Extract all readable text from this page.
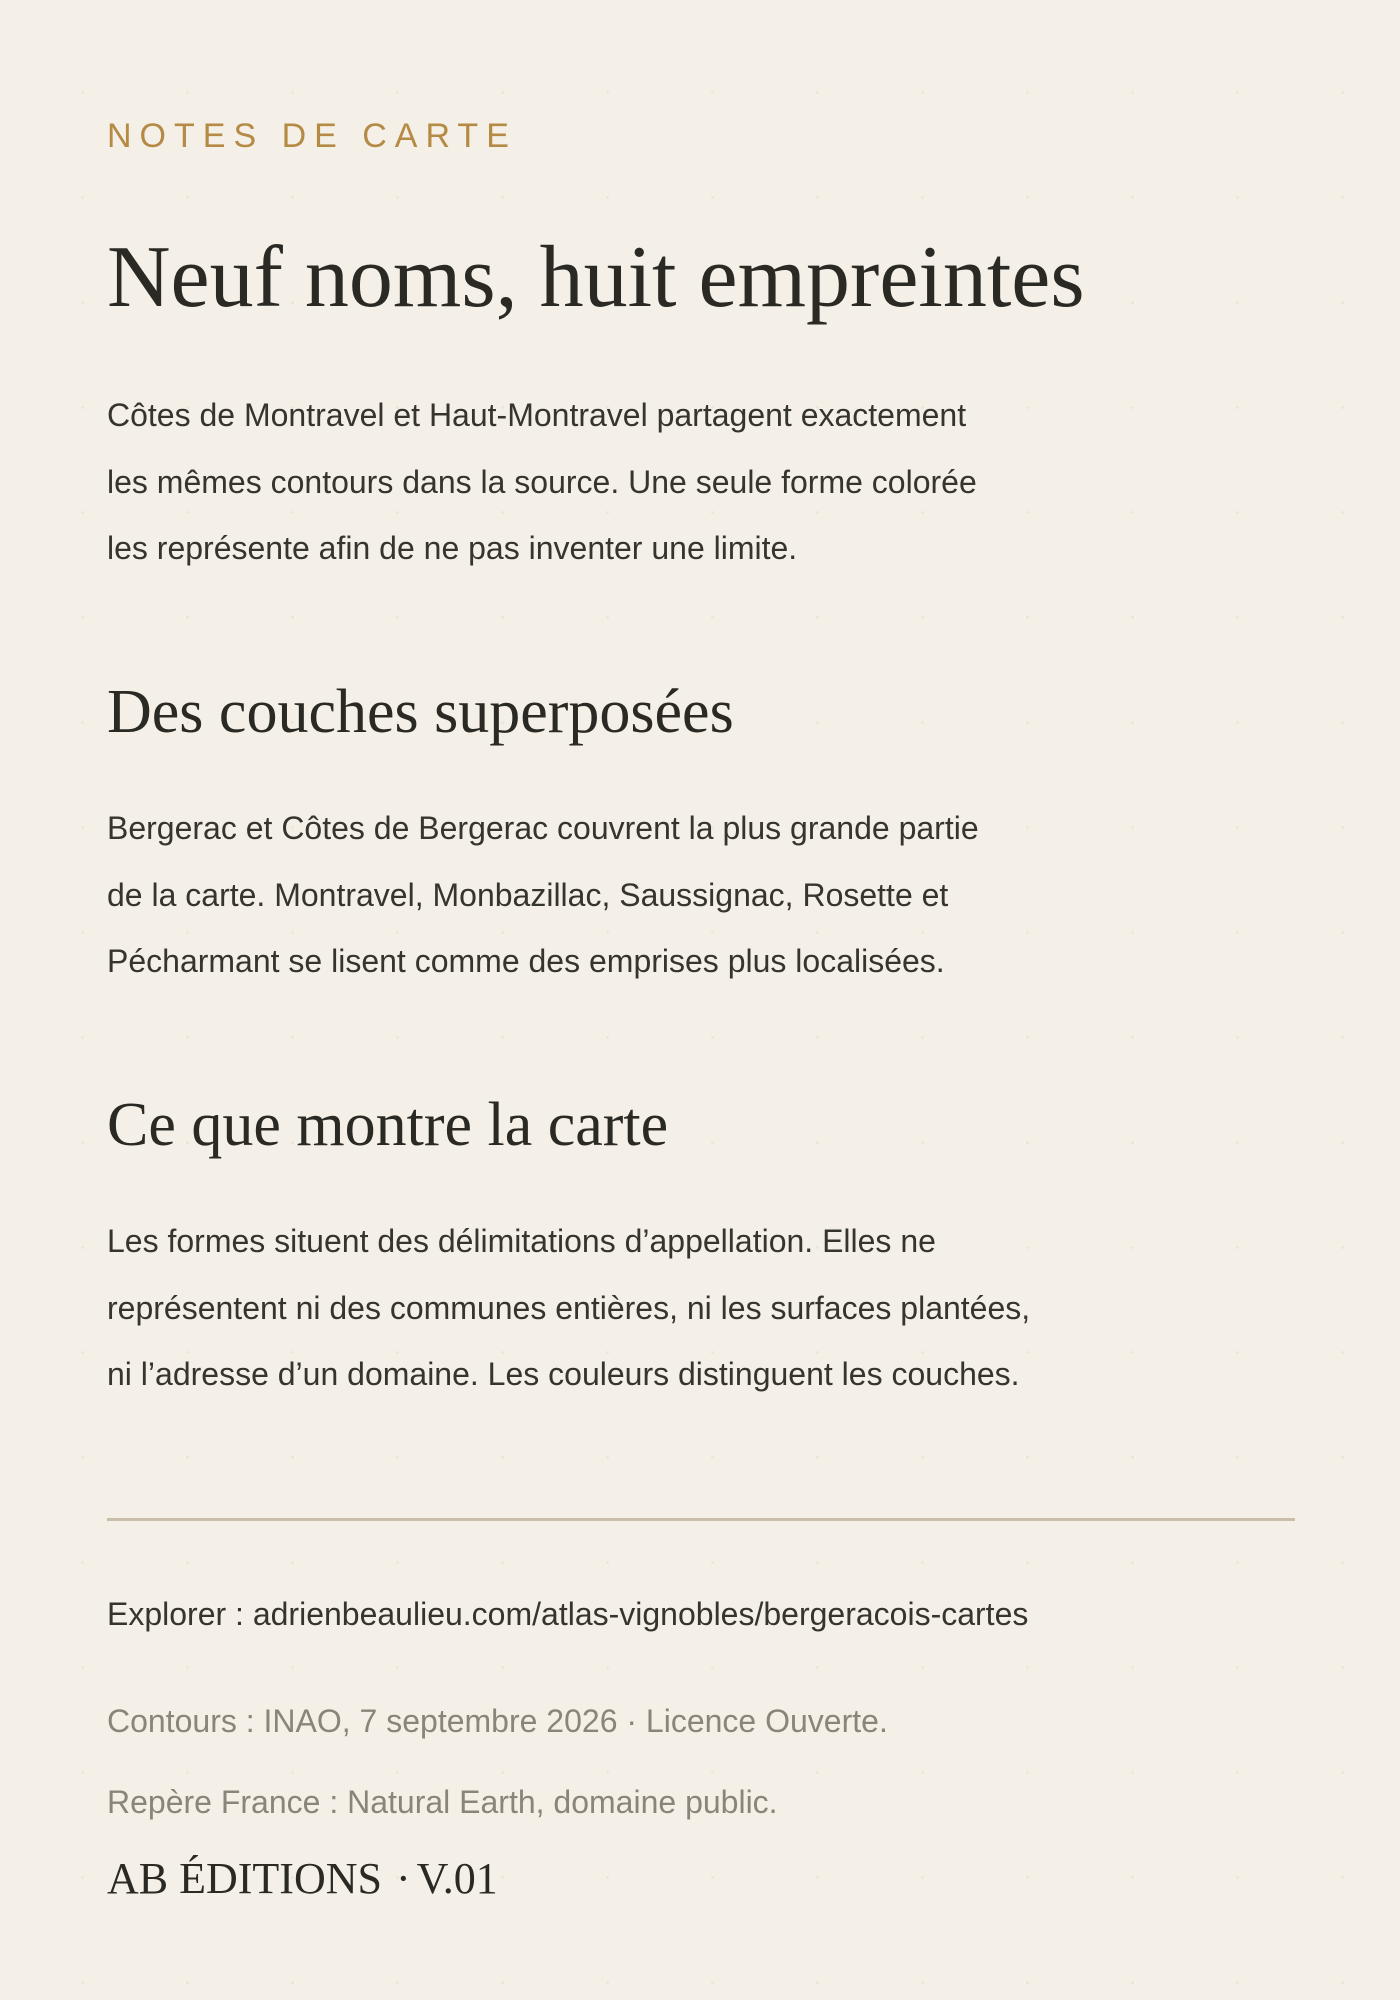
NOTES DE CARTE

Neuf noms, huit empreintes

Côtes de Montravel et Haut-Montravel partagent exactement
les mêmes contours dans la source. Une seule forme colorée
les représente afin de ne pas inventer une limite.

Des couches superposées

Bergerac et Côtes de Bergerac couvrent la plus grande partie
de la carte. Montravel, Monbazillac, Saussignac, Rosette et
Pécharmant se lisent comme des emprises plus localisées.

Ce que montre la carte

Les formes situent des délimitations d’appellation. Elles ne
représentent ni des communes entières, ni les surfaces plantées,
ni l’adresse d’un domaine. Les couleurs distinguent les couches.

Explorer : adrienbeaulieu.com/atlas-vignobles/bergeracois-cartes

Contours : INAO, 7 septembre 2026 · Licence Ouverte.

Repère France : Natural Earth, domaine public.

AB ÉDITIONS · V.01
